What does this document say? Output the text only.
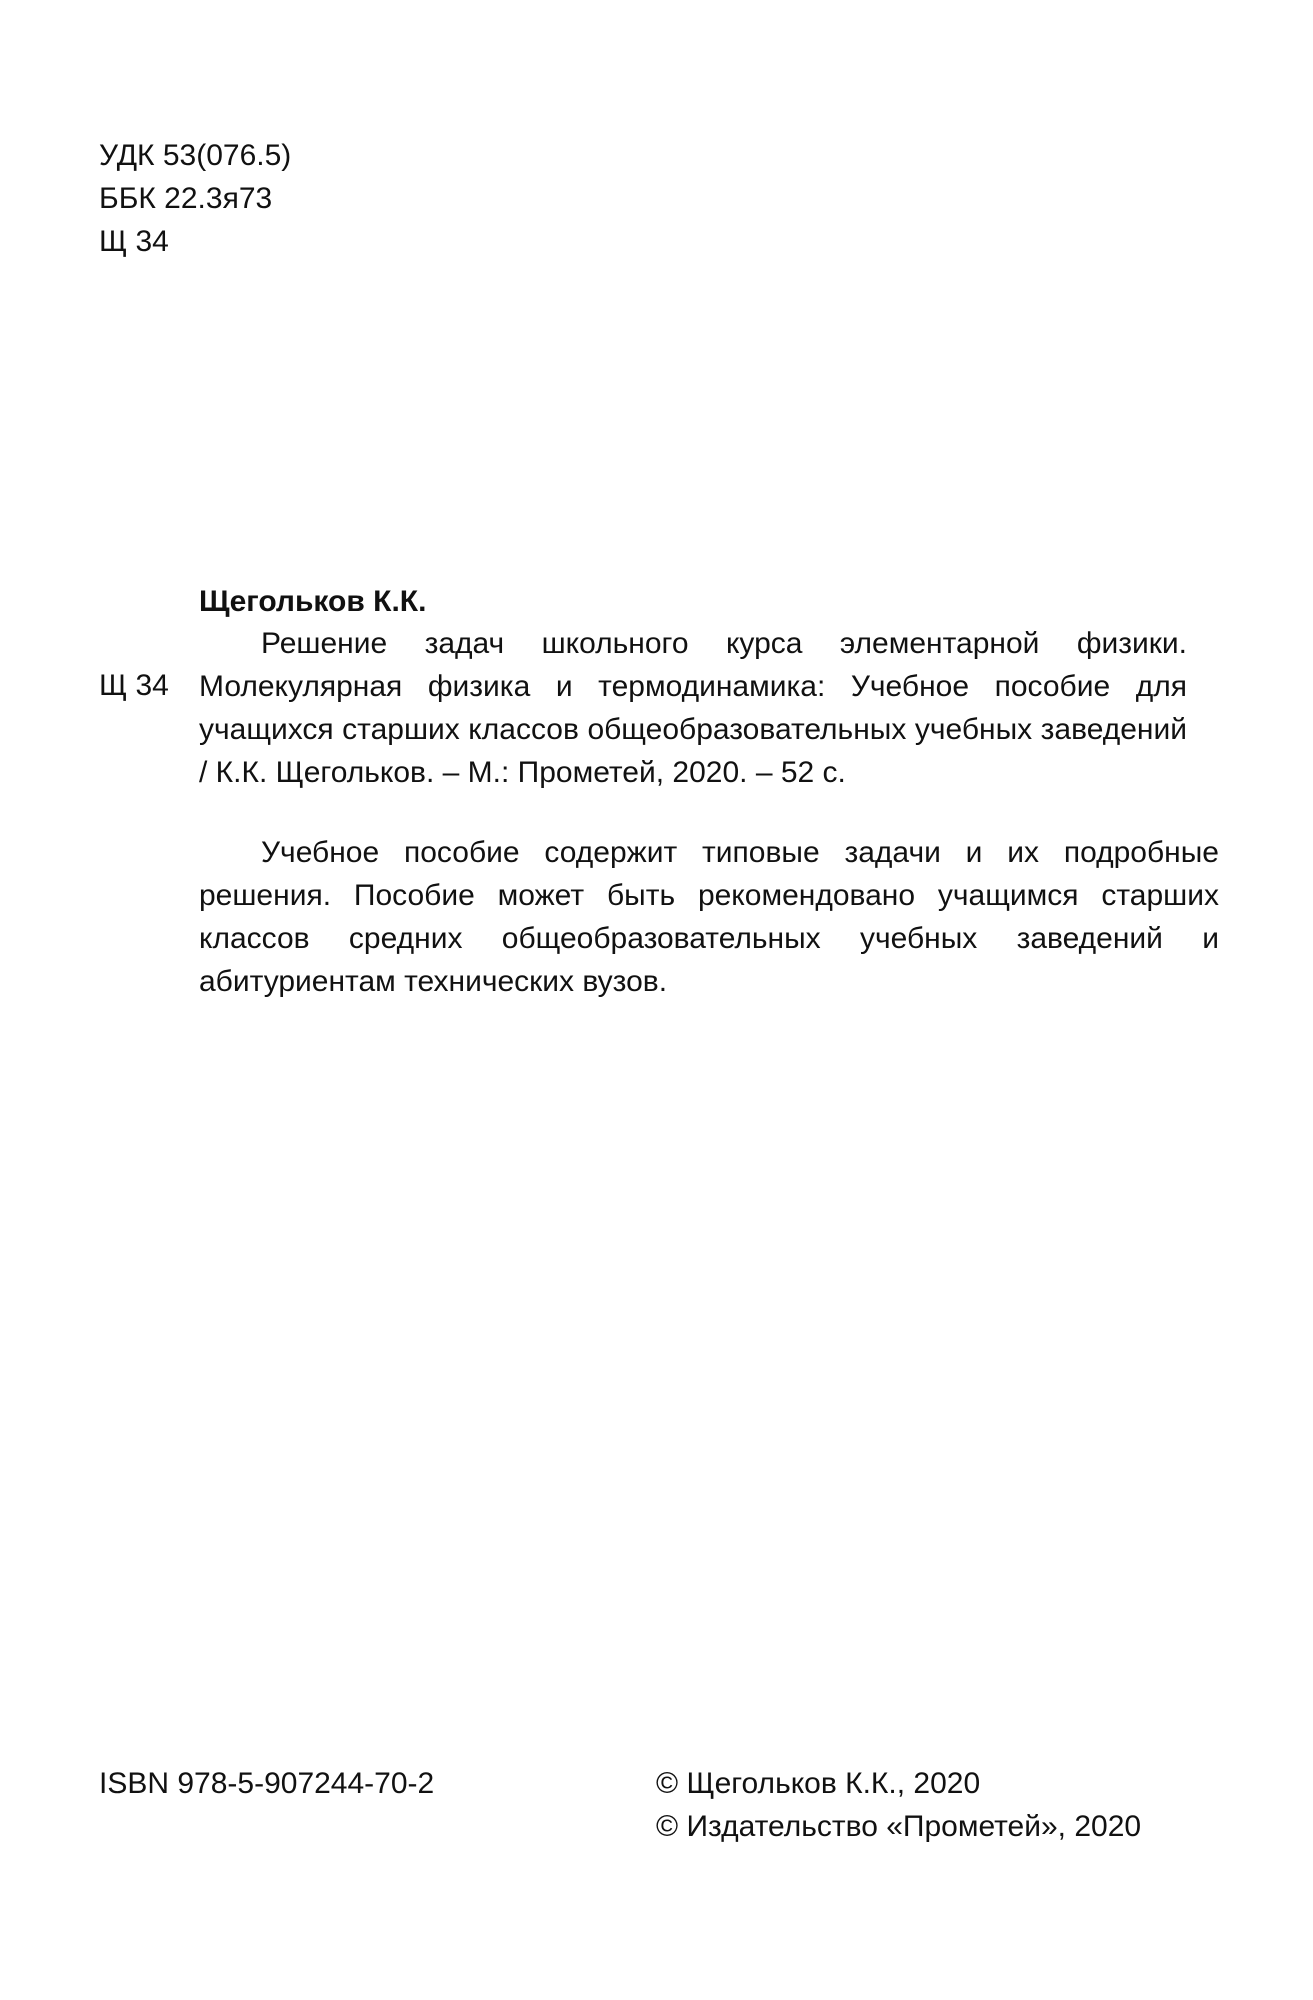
УДК 53(076.5)
ББК 22.3я73
Щ 34
Щегольков К.К.
Щ 34
Решение задач школьного курса элементарной физики. Молекулярная физика и термодинамика: Учебное пособие для учащихся старших классов общеобразовательных учебных заведений / К.К. Щегольков. – М.: Прометей, 2020. – 52 с.
Учебное пособие содержит типовые задачи и их подробные решения. Пособие может быть рекомендовано учащимся старших классов средних общеобразовательных учебных заведений и абитуриентам технических вузов.
ISBN 978-5-907244-70-2	© Щегольков К.К., 2020
© Издательство «Прометей», 2020
